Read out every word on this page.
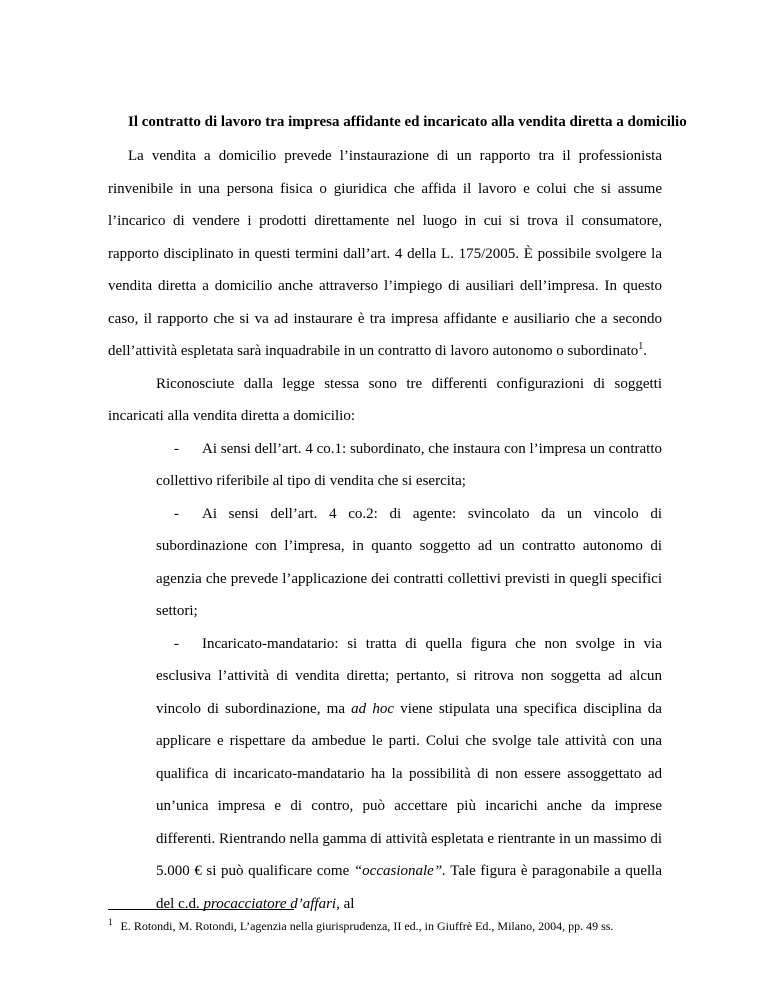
Il contratto di lavoro tra impresa affidante ed incaricato alla vendita diretta a domicilio

La vendita a domicilio prevede l’instaurazione di un rapporto tra il professionista rinvenibile in una persona fisica o giuridica che affida il lavoro e colui che si assume l’incarico di vendere i prodotti direttamente nel luogo in cui si trova il consumatore, rapporto disciplinato in questi termini dall’art. 4 della L. 175/2005. È possibile svolgere la vendita diretta a domicilio anche attraverso l’impiego di ausiliari dell’impresa. In questo caso, il rapporto che si va ad instaurare è tra impresa affidante e ausiliario che a secondo dell’attività espletata sarà inquadrabile in un contratto di lavoro autonomo o subordinato$^1$.

Riconosciute dalla legge stessa sono tre differenti configurazioni di soggetti incaricati alla vendita diretta a domicilio:

- Ai sensi dell’art. 4 co.1: subordinato, che instaura con l’impresa un contratto collettivo riferibile al tipo di vendita che si esercita;
- Ai sensi dell’art. 4 co.2: di agente: svincolato da un vincolo di subordinazione con l’impresa, in quanto soggetto ad un contratto autonomo di agenzia che prevede l’applicazione dei contratti collettivi previsti in quegli specifici settori;
- Incaricato-mandatario: si tratta di quella figura che non svolge in via esclusiva l’attività di vendita diretta; pertanto, si ritrova non soggetta ad alcun vincolo di subordinazione, ma ad hoc viene stipulata una specifica disciplina da applicare e rispettare da ambedue le parti. Colui che svolge tale attività con una qualifica di incaricato-mandatario ha la possibilità di non essere assoggettato ad un’unica impresa e di contro, può accettare più incarichi anche da imprese differenti. Rientrando nella gamma di attività espletata e rientrante in un massimo di 5.000 € si può qualificare come “occasionale”. Tale figura è paragonabile a quella del c.d. procacciatore d’affari, al
$^1$ E. Rotondi, M. Rotondi, L’agenzia nella giurisprudenza, II ed., in Giuffrè Ed., Milano, 2004, pp. 49 ss.
